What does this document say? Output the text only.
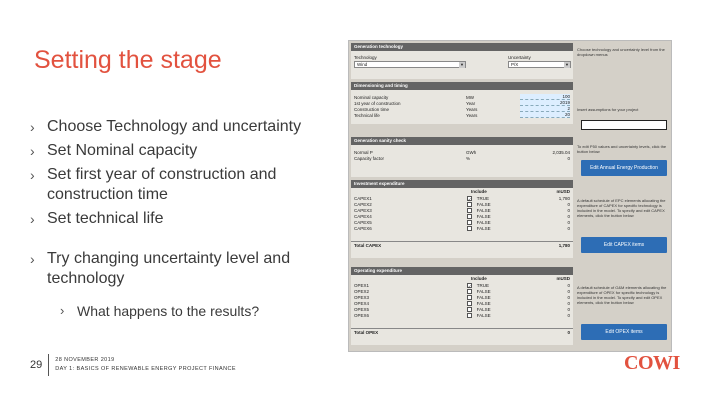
Setting the stage
› Choose Technology and uncertainty
› Set Nominal capacity
› Set first year of construction and construction time
› Set technical life
› Try changing uncertainty level and technology
› What happens to the results?
Generation technology
Technology
Wind	▼
Uncertainty
P/X	▼
Choose technology and uncertainty level from the dropdown menus
Dimensioning and timing
Nominal capacity	MW	100
1st year of construction	Year	2019
Construction time	Years	2
Technical life	Years	20
Insert assumptions for your project
Generation sanity check
Normal P	GWh	2,035.04
Capacity factor	%	0
To edit P50 values and uncertainty levels, click the button below
Edit Annual Energy Production
Investment expenditure
Include	mUSD
CAPEX1	✓ TRUE	1,780
CAPEX2	FALSE	0
CAPEX3	FALSE	0
CAPEX4	FALSE	0
CAPEX5	FALSE	0
CAPEX6	FALSE	0
Total CAPEX	1,780
A default schedule of EPC elements allocating the expenditure of CAPEX for specific technology is included in the model. To specify and edit CAPEX elements, click the button below
Edit CAPEX items
Operating expenditure
Include	mUSD
OPEX1	✓ TRUE	0
OPEX2	FALSE	0
OPEX3	FALSE	0
OPEX4	FALSE	0
OPEX5	FALSE	0
OPEX6	FALSE	0
Total OPEX	0
A default schedule of O&M elements allocating the expenditure of OPEX for specific technology is included in the model. To specify and edit OPEX elements, click the button below
Edit OPEX items
29	28 NOVEMBER 2019
DAY 1: BASICS OF RENEWABLE ENERGY PROJECT FINANCE	COWI
